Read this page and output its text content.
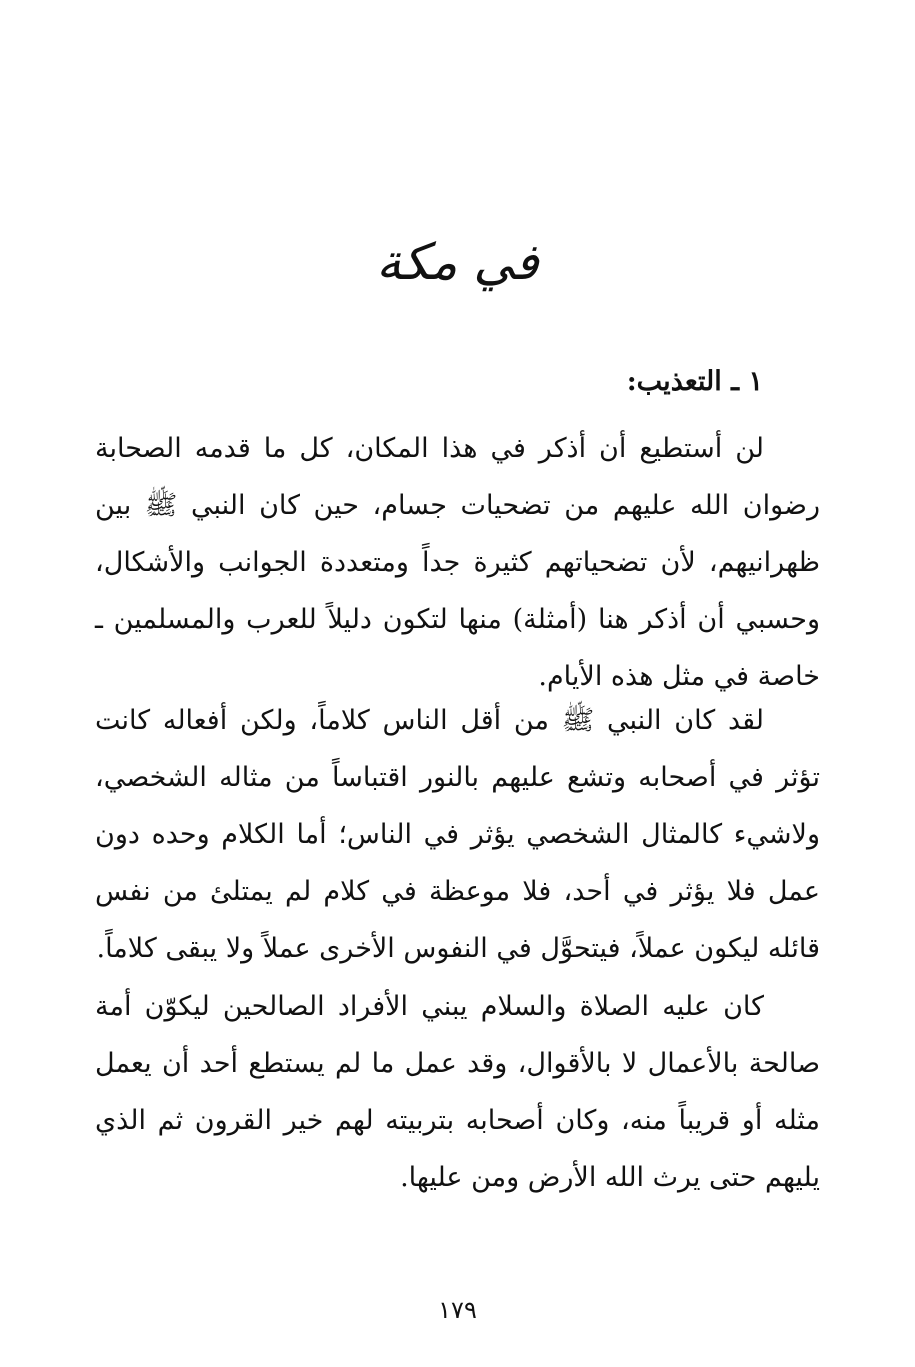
في مكة
١ ـ التعذيب:

لن أستطيع أن أذكر في هذا المكان، كل ما قدمه الصحابة رضوان الله عليهم من تضحيات جسام، حين كان النبي ﷺ بين ظهرانيهم، لأن تضحياتهم كثيرة جداً ومتعددة الجوانب والأشكال، وحسبي أن أذكر هنا (أمثلة) منها لتكون دليلاً للعرب والمسلمين ـ خاصة في مثل هذه الأيام.

لقد كان النبي ﷺ من أقل الناس كلاماً، ولكن أفعاله كانت تؤثر في أصحابه وتشع عليهم بالنور اقتباساً من مثاله الشخصي، ولاشيء كالمثال الشخصي يؤثر في الناس؛ أما الكلام وحده دون عمل فلا يؤثر في أحد، فلا موعظة في كلام لم يمتلئ من نفس قائله ليكون عملاً، فيتحوَّل في النفوس الأخرى عملاً ولا يبقى كلاماً.

كان عليه الصلاة والسلام يبني الأفراد الصالحين ليكوّن أمة صالحة بالأعمال لا بالأقوال، وقد عمل ما لم يستطع أحد أن يعمل مثله أو قريباً منه، وكان أصحابه بتربيته لهم خير القرون ثم الذي يليهم حتى يرث الله الأرض ومن عليها.

١٧٩
